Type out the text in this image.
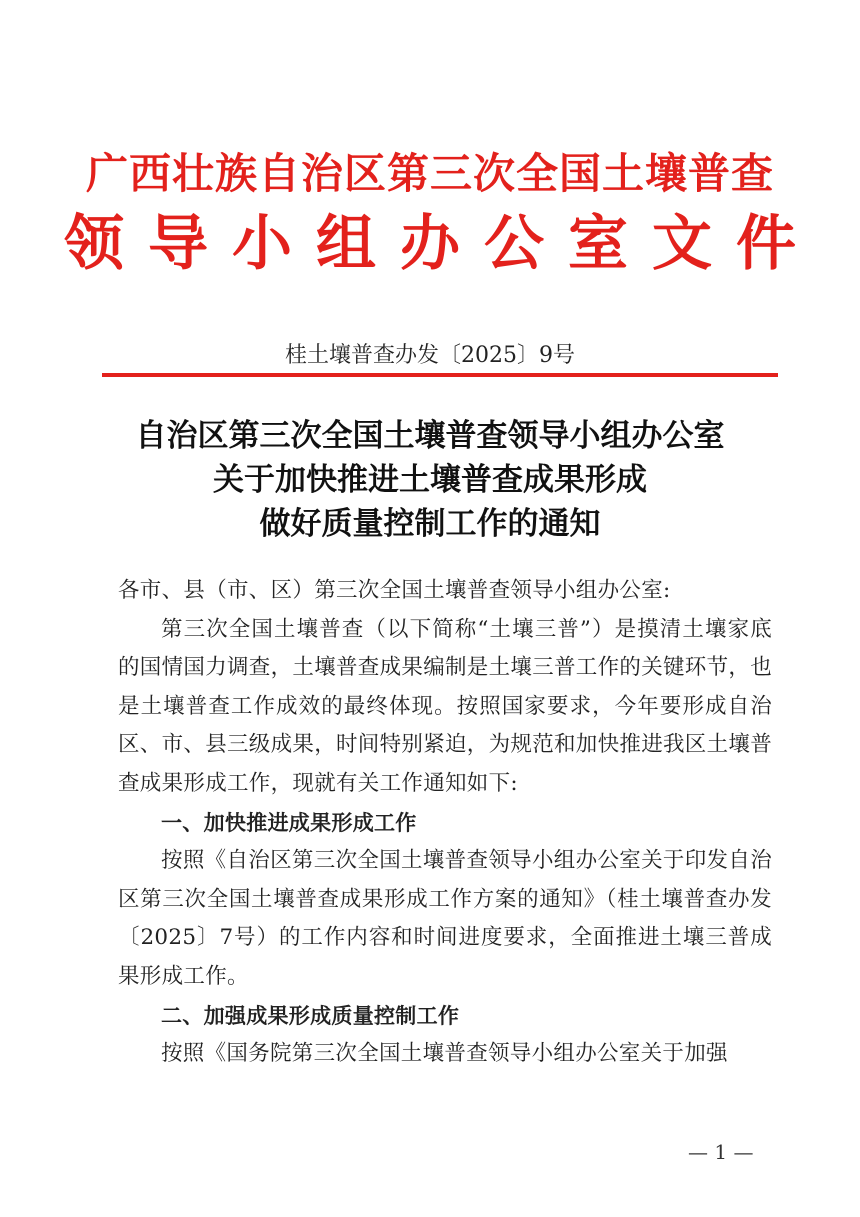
广西壮族自治区第三次全国土壤普查
领导小组办公室文件
桂土壤普查办发〔2025〕9号
自治区第三次全国土壤普查领导小组办公室
关于加快推进土壤普查成果形成
做好质量控制工作的通知

各市、县（市、区）第三次全国土壤普查领导小组办公室:

第三次全国土壤普查（以下简称“土壤三普”）是摸清土壤家底的国情国力调查，土壤普查成果编制是土壤三普工作的关键环节，也是土壤普查工作成效的最终体现。按照国家要求，今年要形成自治区、市、县三级成果，时间特别紧迫，为规范和加快推进我区土壤普查成果形成工作，现就有关工作通知如下:

一、加快推进成果形成工作

按照《自治区第三次全国土壤普查领导小组办公室关于印发自治区第三次全国土壤普查成果形成工作方案的通知》（桂土壤普查办发〔2025〕7号）的工作内容和时间进度要求，全面推进土壤三普成果形成工作。

二、加强成果形成质量控制工作

按照《国务院第三次全国土壤普查领导小组办公室关于加强

— 1 —
